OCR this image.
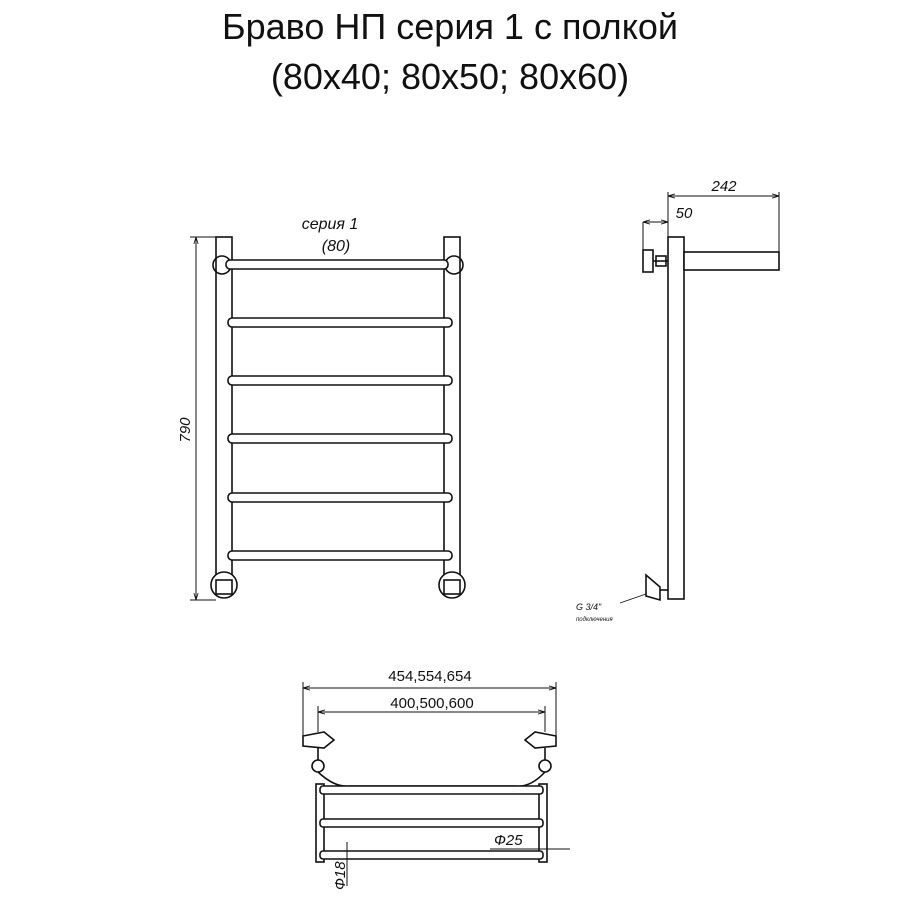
Браво НП серия 1 с полкой
(80х40; 80х50; 80х60)
790
серия 1
(80)
242
50
G 3/4"
подключения
454,554,654
400,500,600
Ф25
Ф18
